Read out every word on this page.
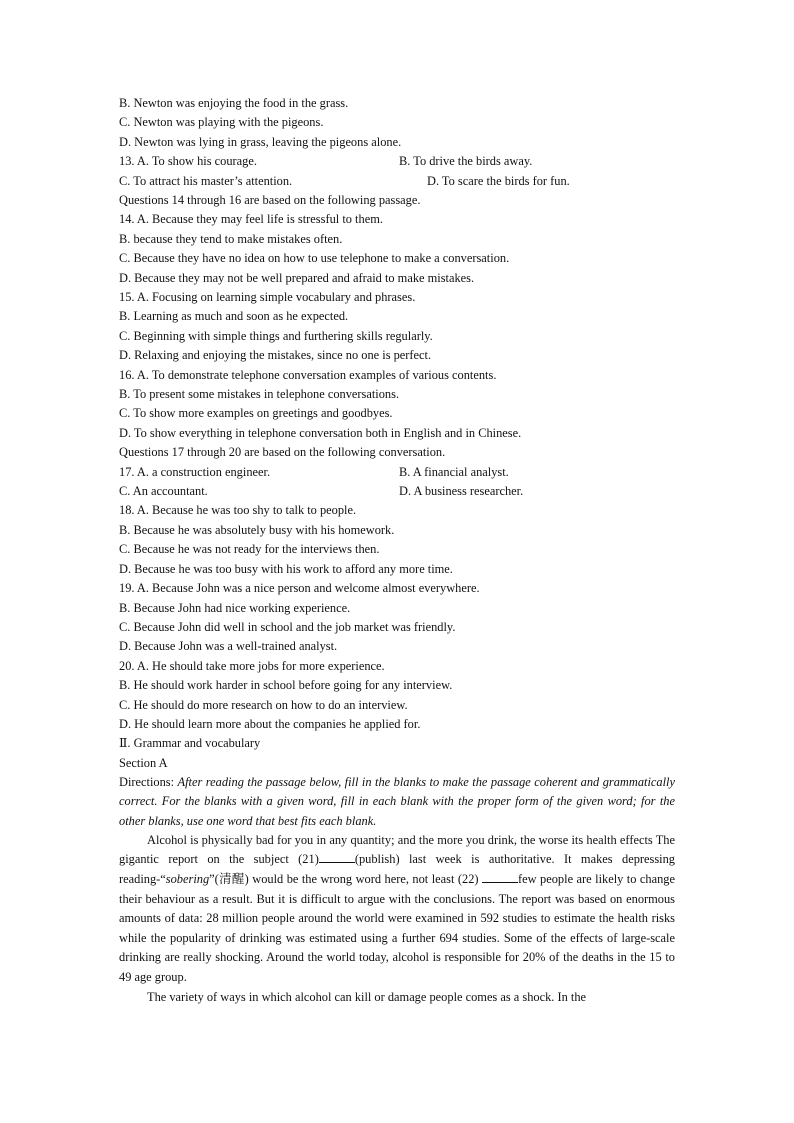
B. Newton was enjoying the food in the grass.
C. Newton was playing with the pigeons.
D. Newton was lying in grass, leaving the pigeons alone.
13. A. To show his courage.	B. To drive the birds away.
C. To attract his master’s attention.	D. To scare the birds for fun.
Questions 14 through 16 are based on the following passage.
14. A. Because they may feel life is stressful to them.
B. because they tend to make mistakes often.
C. Because they have no idea on how to use telephone to make a conversation.
D. Because they may not be well prepared and afraid to make mistakes.
15. A. Focusing on learning simple vocabulary and phrases.
B. Learning as much and soon as he expected.
C. Beginning with simple things and furthering skills regularly.
D. Relaxing and enjoying the mistakes, since no one is perfect.
16. A. To demonstrate telephone conversation examples of various contents.
B. To present some mistakes in telephone conversations.
C. To show more examples on greetings and goodbyes.
D. To show everything in telephone conversation both in English and in Chinese.
Questions 17 through 20 are based on the following conversation.
17. A. a construction engineer.	B. A financial analyst.
C. An accountant.	D. A business researcher.
18. A. Because he was too shy to talk to people.
B. Because he was absolutely busy with his homework.
C. Because he was not ready for the interviews then.
D. Because he was too busy with his work to afford any more time.
19. A. Because John was a nice person and welcome almost everywhere.
B. Because John had nice working experience.
C. Because John did well in school and the job market was friendly.
D. Because John was a well-trained analyst.
20. A. He should take more jobs for more experience.
B. He should work harder in school before going for any interview.
C. He should do more research on how to do an interview.
D. He should learn more about the companies he applied for.
Ⅱ. Grammar and vocabulary
Section A
Directions: After reading the passage below, fill in the blanks to make the passage coherent and grammatically correct. For the blanks with a given word, fill in each blank with the proper form of the given word; for the other blanks, use one word that best fits each blank.

Alcohol is physically bad for you in any quantity; and the more you drink, the worse its health effects The gigantic report on the subject (21)	(publish) last week is authoritative. It makes depressing reading-“sobering”(清醒) would be the wrong word here, not least (22)	few people are likely to change their behaviour as a result. But it is difficult to argue with the conclusions. The report was based on enormous amounts of data: 28 million people around the world were examined in 592 studies to estimate the health risks while the popularity of drinking was estimated using a further 694 studies. Some of the effects of large-scale drinking are really shocking. Around the world today, alcohol is responsible for 20% of the deaths in the 15 to 49 age group.

The variety of ways in which alcohol can kill or damage people comes as a shock. In the
